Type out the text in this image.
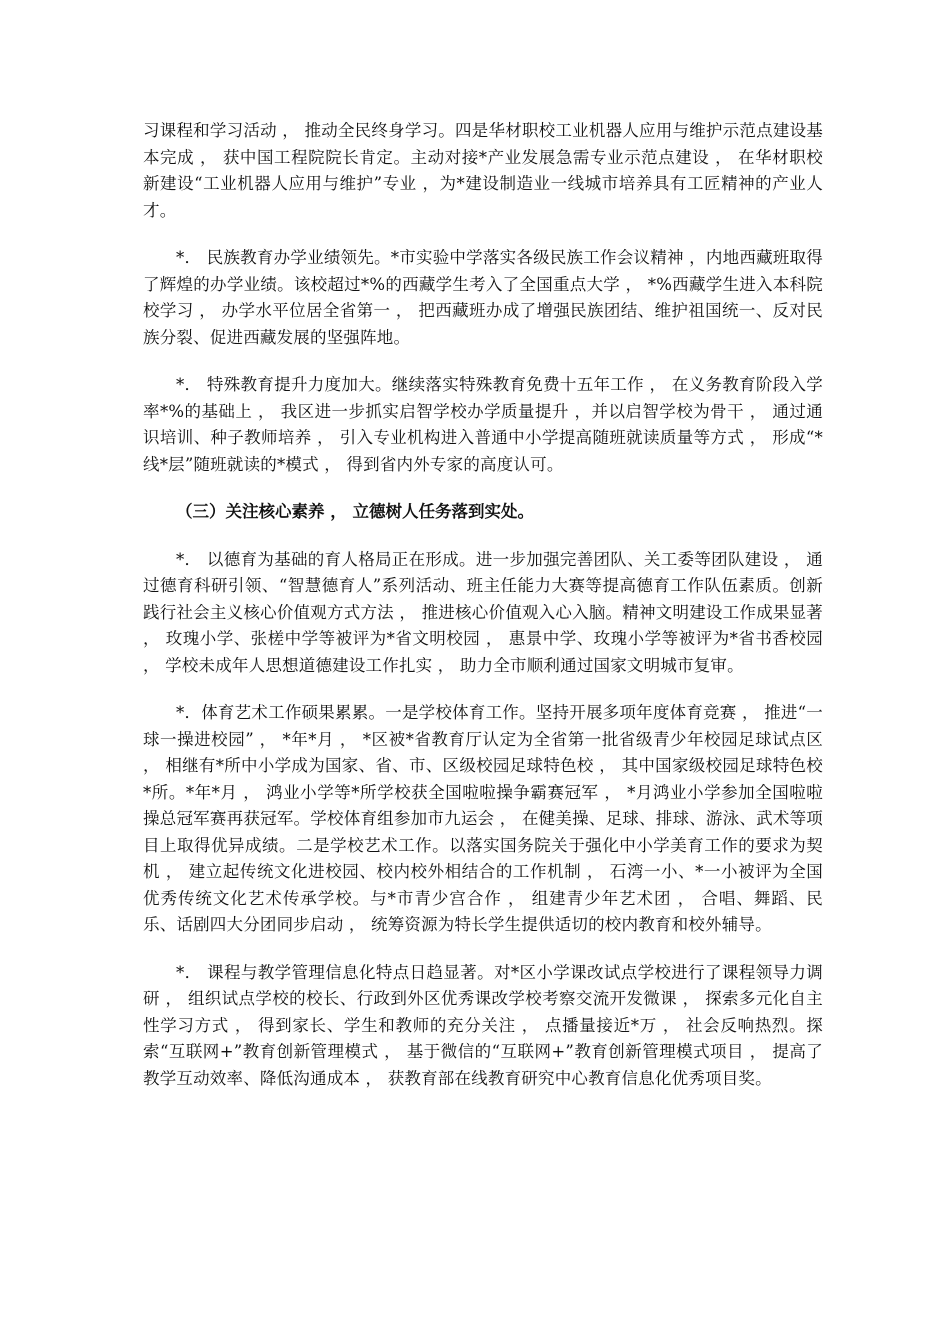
习课程和学习活动 ， 推动全民终身学习。四是华材职校工业机器人应用与维护示范点建设基本完成 ， 获中国工程院院长肯定。主动对接*产业发展急需专业示范点建设 ， 在华材职校新建设“工业机器人应用与维护”专业 ，为*建设制造业一线城市培养具有工匠精神的产业人才。

*． 民族教育办学业绩领先。*市实验中学落实各级民族工作会议精神 ，内地西藏班取得了辉煌的办学业绩。该校超过*%的西藏学生考入了全国重点大学 ， *%西藏学生进入本科院校学习 ， 办学水平位居全省第一 ， 把西藏班办成了增强民族团结、维护祖国统一、反对民族分裂、促进西藏发展的坚强阵地。

*． 特殊教育提升力度加大。继续落实特殊教育免费十五年工作 ， 在义务教育阶段入学率*%的基础上 ， 我区进一步抓实启智学校办学质量提升 ，并以启智学校为骨干 ， 通过通识培训、种子教师培养 ， 引入专业机构进入普通中小学提高随班就读质量等方式 ， 形成“*线*层”随班就读的*模式 ， 得到省内外专家的高度认可。

（三）关注核心素养 ， 立德树人任务落到实处。

*． 以德育为基础的育人格局正在形成。进一步加强完善团队、关工委等团队建设 ， 通过德育科研引领、“智慧德育人”系列活动、班主任能力大赛等提高德育工作队伍素质。创新践行社会主义核心价值观方式方法 ， 推进核心价值观入心入脑。精神文明建设工作成果显著 ， 玫瑰小学、张槎中学等被评为*省文明校园 ， 惠景中学、玫瑰小学等被评为*省书香校园 ， 学校未成年人思想道德建设工作扎实 ， 助力全市顺利通过国家文明城市复审。

*．体育艺术工作硕果累累。一是学校体育工作。坚持开展多项年度体育竞赛 ， 推进“一球一操进校园” ， *年*月 ， *区被*省教育厅认定为全省第一批省级青少年校园足球试点区 ， 相继有*所中小学成为国家、省、市、区级校园足球特色校 ， 其中国家级校园足球特色校*所。*年*月 ， 鸿业小学等*所学校获全国啦啦操争霸赛冠军 ， *月鸿业小学参加全国啦啦操总冠军赛再获冠军。学校体育组参加市九运会 ， 在健美操、足球、排球、游泳、武术等项目上取得优异成绩。二是学校艺术工作。以落实国务院关于强化中小学美育工作的要求为契机 ， 建立起传统文化进校园、校内校外相结合的工作机制 ， 石湾一小、*一小被评为全国优秀传统文化艺术传承学校。与*市青少宫合作 ， 组建青少年艺术团 ， 合唱、舞蹈、民乐、话剧四大分团同步启动 ， 统筹资源为特长学生提供适切的校内教育和校外辅导。

*． 课程与教学管理信息化特点日趋显著。对*区小学课改试点学校进行了课程领导力调研 ， 组织试点学校的校长、行政到外区优秀课改学校考察交流开发微课 ， 探索多元化自主性学习方式 ， 得到家长、学生和教师的充分关注 ， 点播量接近*万 ， 社会反响热烈。探索“互联网+”教育创新管理模式 ， 基于微信的“互联网+”教育创新管理模式项目 ， 提高了教学互动效率、降低沟通成本 ， 获教育部在线教育研究中心教育信息化优秀项目奖。
